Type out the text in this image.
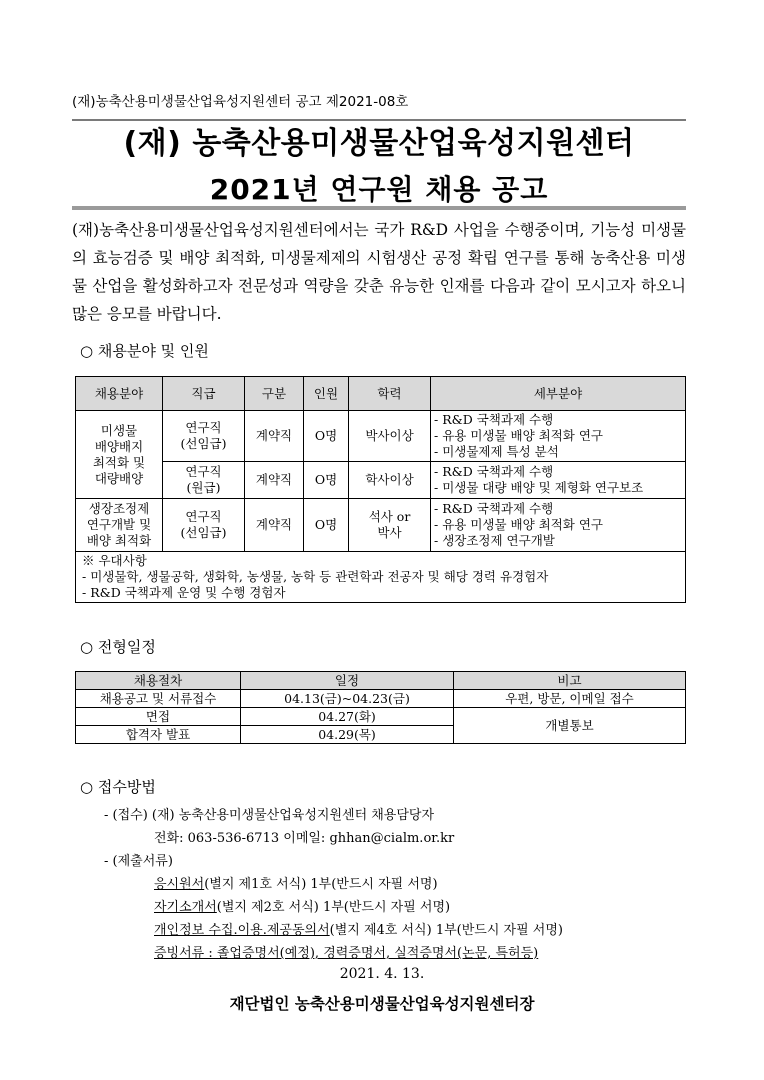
(재)농축산용미생물산업육성지원센터 공고 제2021-08호
(재) 농축산용미생물산업육성지원센터
2021년 연구원 채용 공고
(재)농축산용미생물산업육성지원센터에서는 국가 R&D 사업을 수행중이며, 기능성 미생물의 효능검증 및 배양 최적화, 미생물제제의 시험생산 공정 확립 연구를 통해 농축산용 미생물 산업을 활성화하고자 전문성과 역량을 갖춘 유능한 인재를 다음과 같이 모시고자 하오니 많은 응모를 바랍니다.
○ 채용분야 및 인원
채용분야	직급	구분	인원	학력	세부분야
미생물
배양배지
최적화 및
대량배양	연구직
(선임급)	계약직	O명	박사이상	- R&D 국책과제 수행
- 유용 미생물 배양 최적화 연구
- 미생물제제 특성 분석
	연구직
(원급)	계약직	O명	학사이상	- R&D 국책과제 수행
- 미생물 대량 배양 및 제형화 연구보조
생장조정제
연구개발 및
배양 최적화	연구직
(선임급)	계약직	O명	석사 or
박사	- R&D 국책과제 수행
- 유용 미생물 배양 최적화 연구
- 생장조정제 연구개발
※ 우대사항
- 미생물학, 생물공학, 생화학, 농생물, 농학 등 관련학과 전공자 및 해당 경력 유경험자
- R&D 국책과제 운영 및 수행 경험자					
○ 전형일정
채용절차	일정	비고
채용공고 및 서류접수	04.13(금)~04.23(금)	우편, 방문, 이메일 접수
면접	04.27(화)	개별통보
합격자 발표	04.29(목)	
○ 접수방법
- (접수) (재) 농축산용미생물산업육성지원센터 채용담당자
전화: 063-536-6713 이메일: ghhan@cialm.or.kr
- (제출서류)
응시원서(별지 제1호 서식) 1부(반드시 자필 서명)
자기소개서(별지 제2호 서식) 1부(반드시 자필 서명)
개인정보 수집.이용.제공동의서(별지 제4호 서식) 1부(반드시 자필 서명)
증빙서류 : 졸업증명서(예정), 경력증명서, 실적증명서(논문, 특허등)
2021. 4. 13.
재단법인 농축산용미생물산업육성지원센터장
